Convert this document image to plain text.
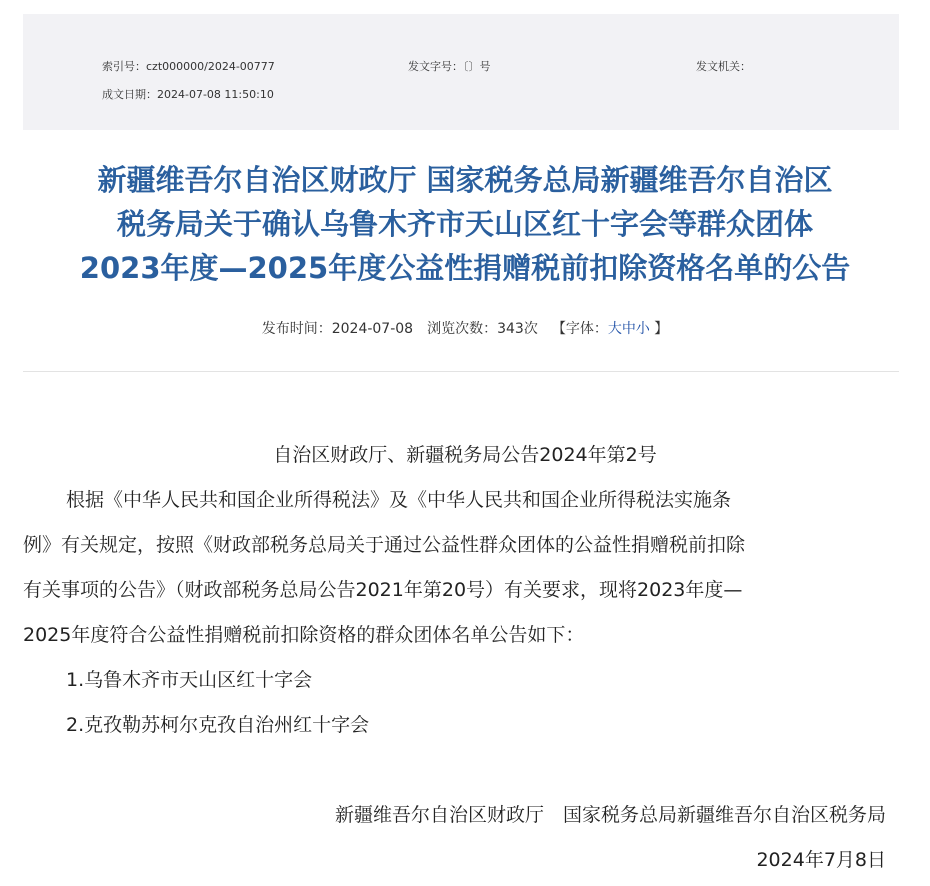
索引号：czt000000/2024-00777	发文字号：〔〕号	发文机关：
成文日期：2024-07-08 11:50:10
新疆维吾尔自治区财政厅 国家税务总局新疆维吾尔自治区
税务局关于确认乌鲁木齐市天山区红十字会等群众团体
2023年度—2025年度公益性捐赠税前扣除资格名单的公告
发布时间：2024-07-08 浏览次数：343次 【字体：大中小 】
自治区财政厅、新疆税务局公告2024年第2号
根据《中华人民共和国企业所得税法》及《中华人民共和国企业所得税法实施条
例》有关规定，按照《财政部税务总局关于通过公益性群众团体的公益性捐赠税前扣除
有关事项的公告》（财政部税务总局公告2021年第20号）有关要求，现将2023年度—
2025年度符合公益性捐赠税前扣除资格的群众团体名单公告如下：
1.乌鲁木齐市天山区红十字会
2.克孜勒苏柯尔克孜自治州红十字会
新疆维吾尔自治区财政厅　国家税务总局新疆维吾尔自治区税务局
2024年7月8日
